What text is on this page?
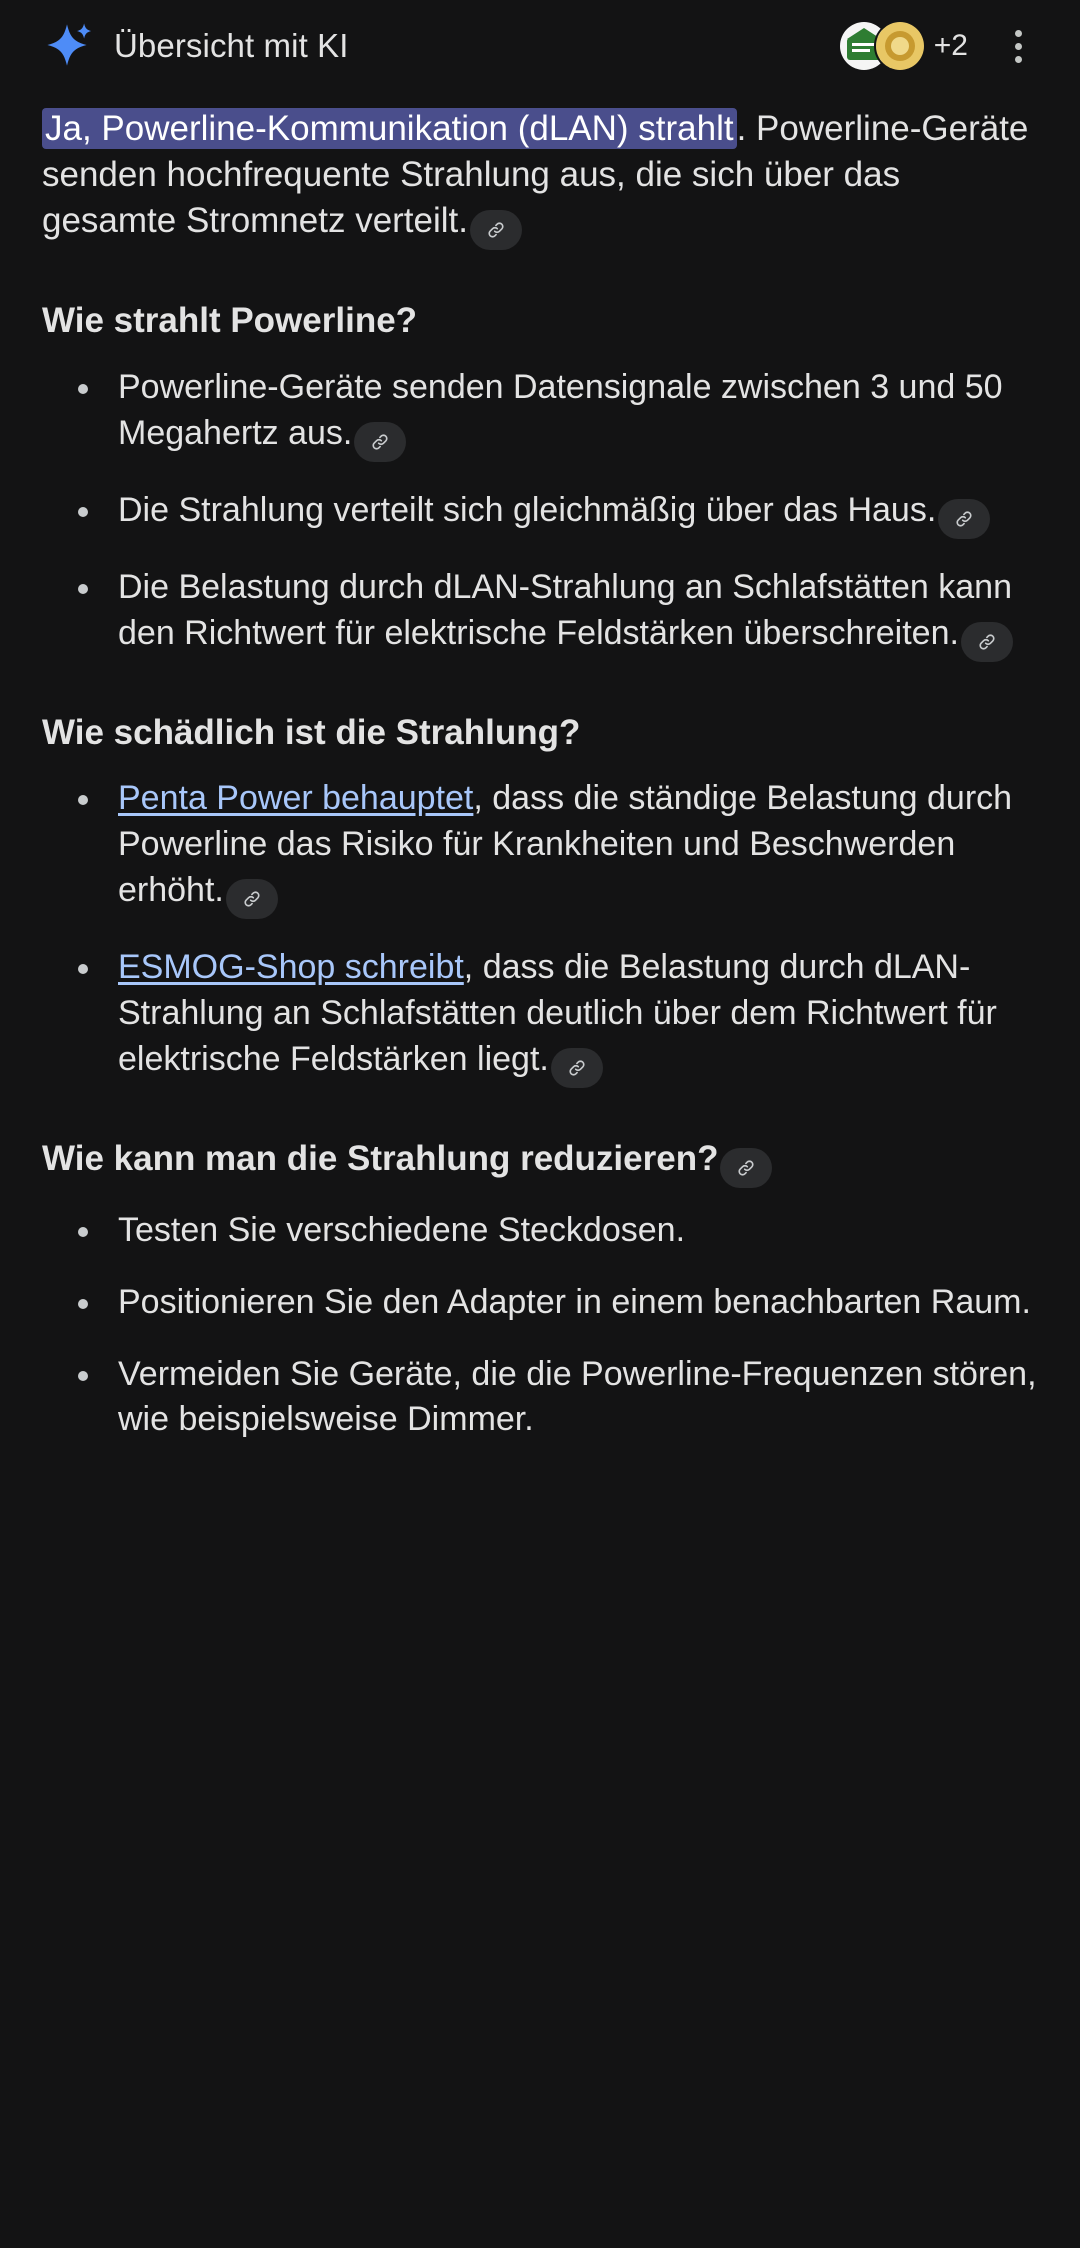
Übersicht mit KI	+2

Ja, Powerline-Kommunikation (dLAN) strahlt. Powerline-Geräte senden hochfrequente Strahlung aus, die sich über das gesamte Stromnetz verteilt.

Wie strahlt Powerline?
Powerline-Geräte senden Datensignale zwischen 3 und 50 Megahertz aus.
Die Strahlung verteilt sich gleichmäßig über das Haus.
Die Belastung durch dLAN-Strahlung an Schlafstätten kann den Richtwert für elektrische Feldstärken überschreiten.
Wie schädlich ist die Strahlung?
Penta Power behauptet, dass die ständige Belastung durch Powerline das Risiko für Krankheiten und Beschwerden erhöht.
ESMOG-Shop schreibt, dass die Belastung durch dLAN-Strahlung an Schlafstätten deutlich über dem Richtwert für elektrische Feldstärken liegt.
Wie kann man die Strahlung reduzieren?
Testen Sie verschiedene Steckdosen.
Positionieren Sie den Adapter in einem benachbarten Raum.
Vermeiden Sie Geräte, die die Powerline-Frequenzen stören, wie beispielsweise Dimmer.
